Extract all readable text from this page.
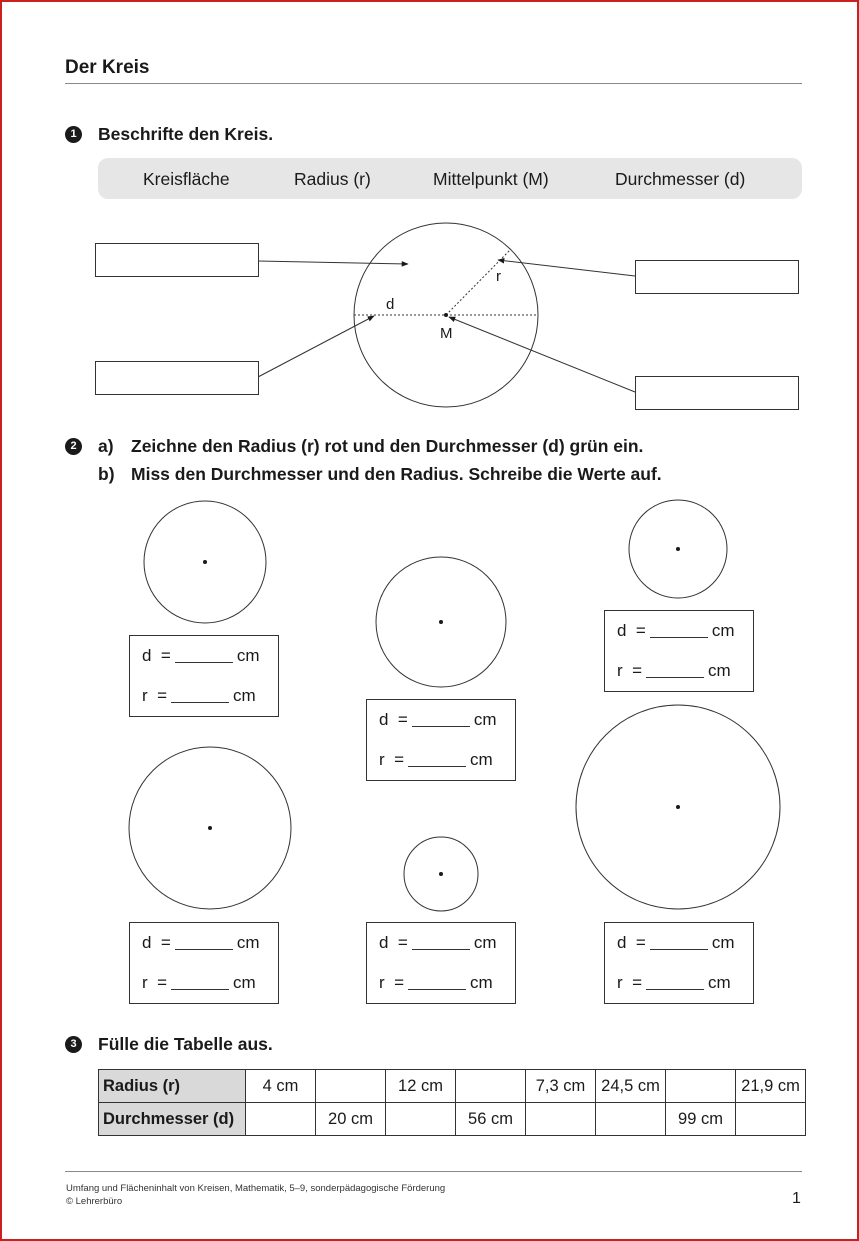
Der Kreis
1	Beschrifte den Kreis.
Kreisfläche	Radius (r)	Mittelpunkt (M)	Durchmesser (d)
d
r
M
2	a) Zeichne den Radius (r) rot und den Durchmesser (d) grün ein.
b) Miss den Durchmesser und den Radius. Schreibe die Werte auf.
d  =	cm
r  =	cm
d  =	cm
r  =	cm
d  =	cm
r  =	cm
d  =	cm
r  =	cm
d  =	cm
r  =	cm
d  =	cm
r  =	cm
3	Fülle die Tabelle aus.
Radius (r)	4 cm		12 cm		7,3 cm	24,5 cm		21,9 cm
Durchmesser (d)		20 cm		56 cm			99 cm	
Umfang und Flächeninhalt von Kreisen, Mathematik, 5–9, sonderpädagogische Förderung
© Lehrerbüro	1
